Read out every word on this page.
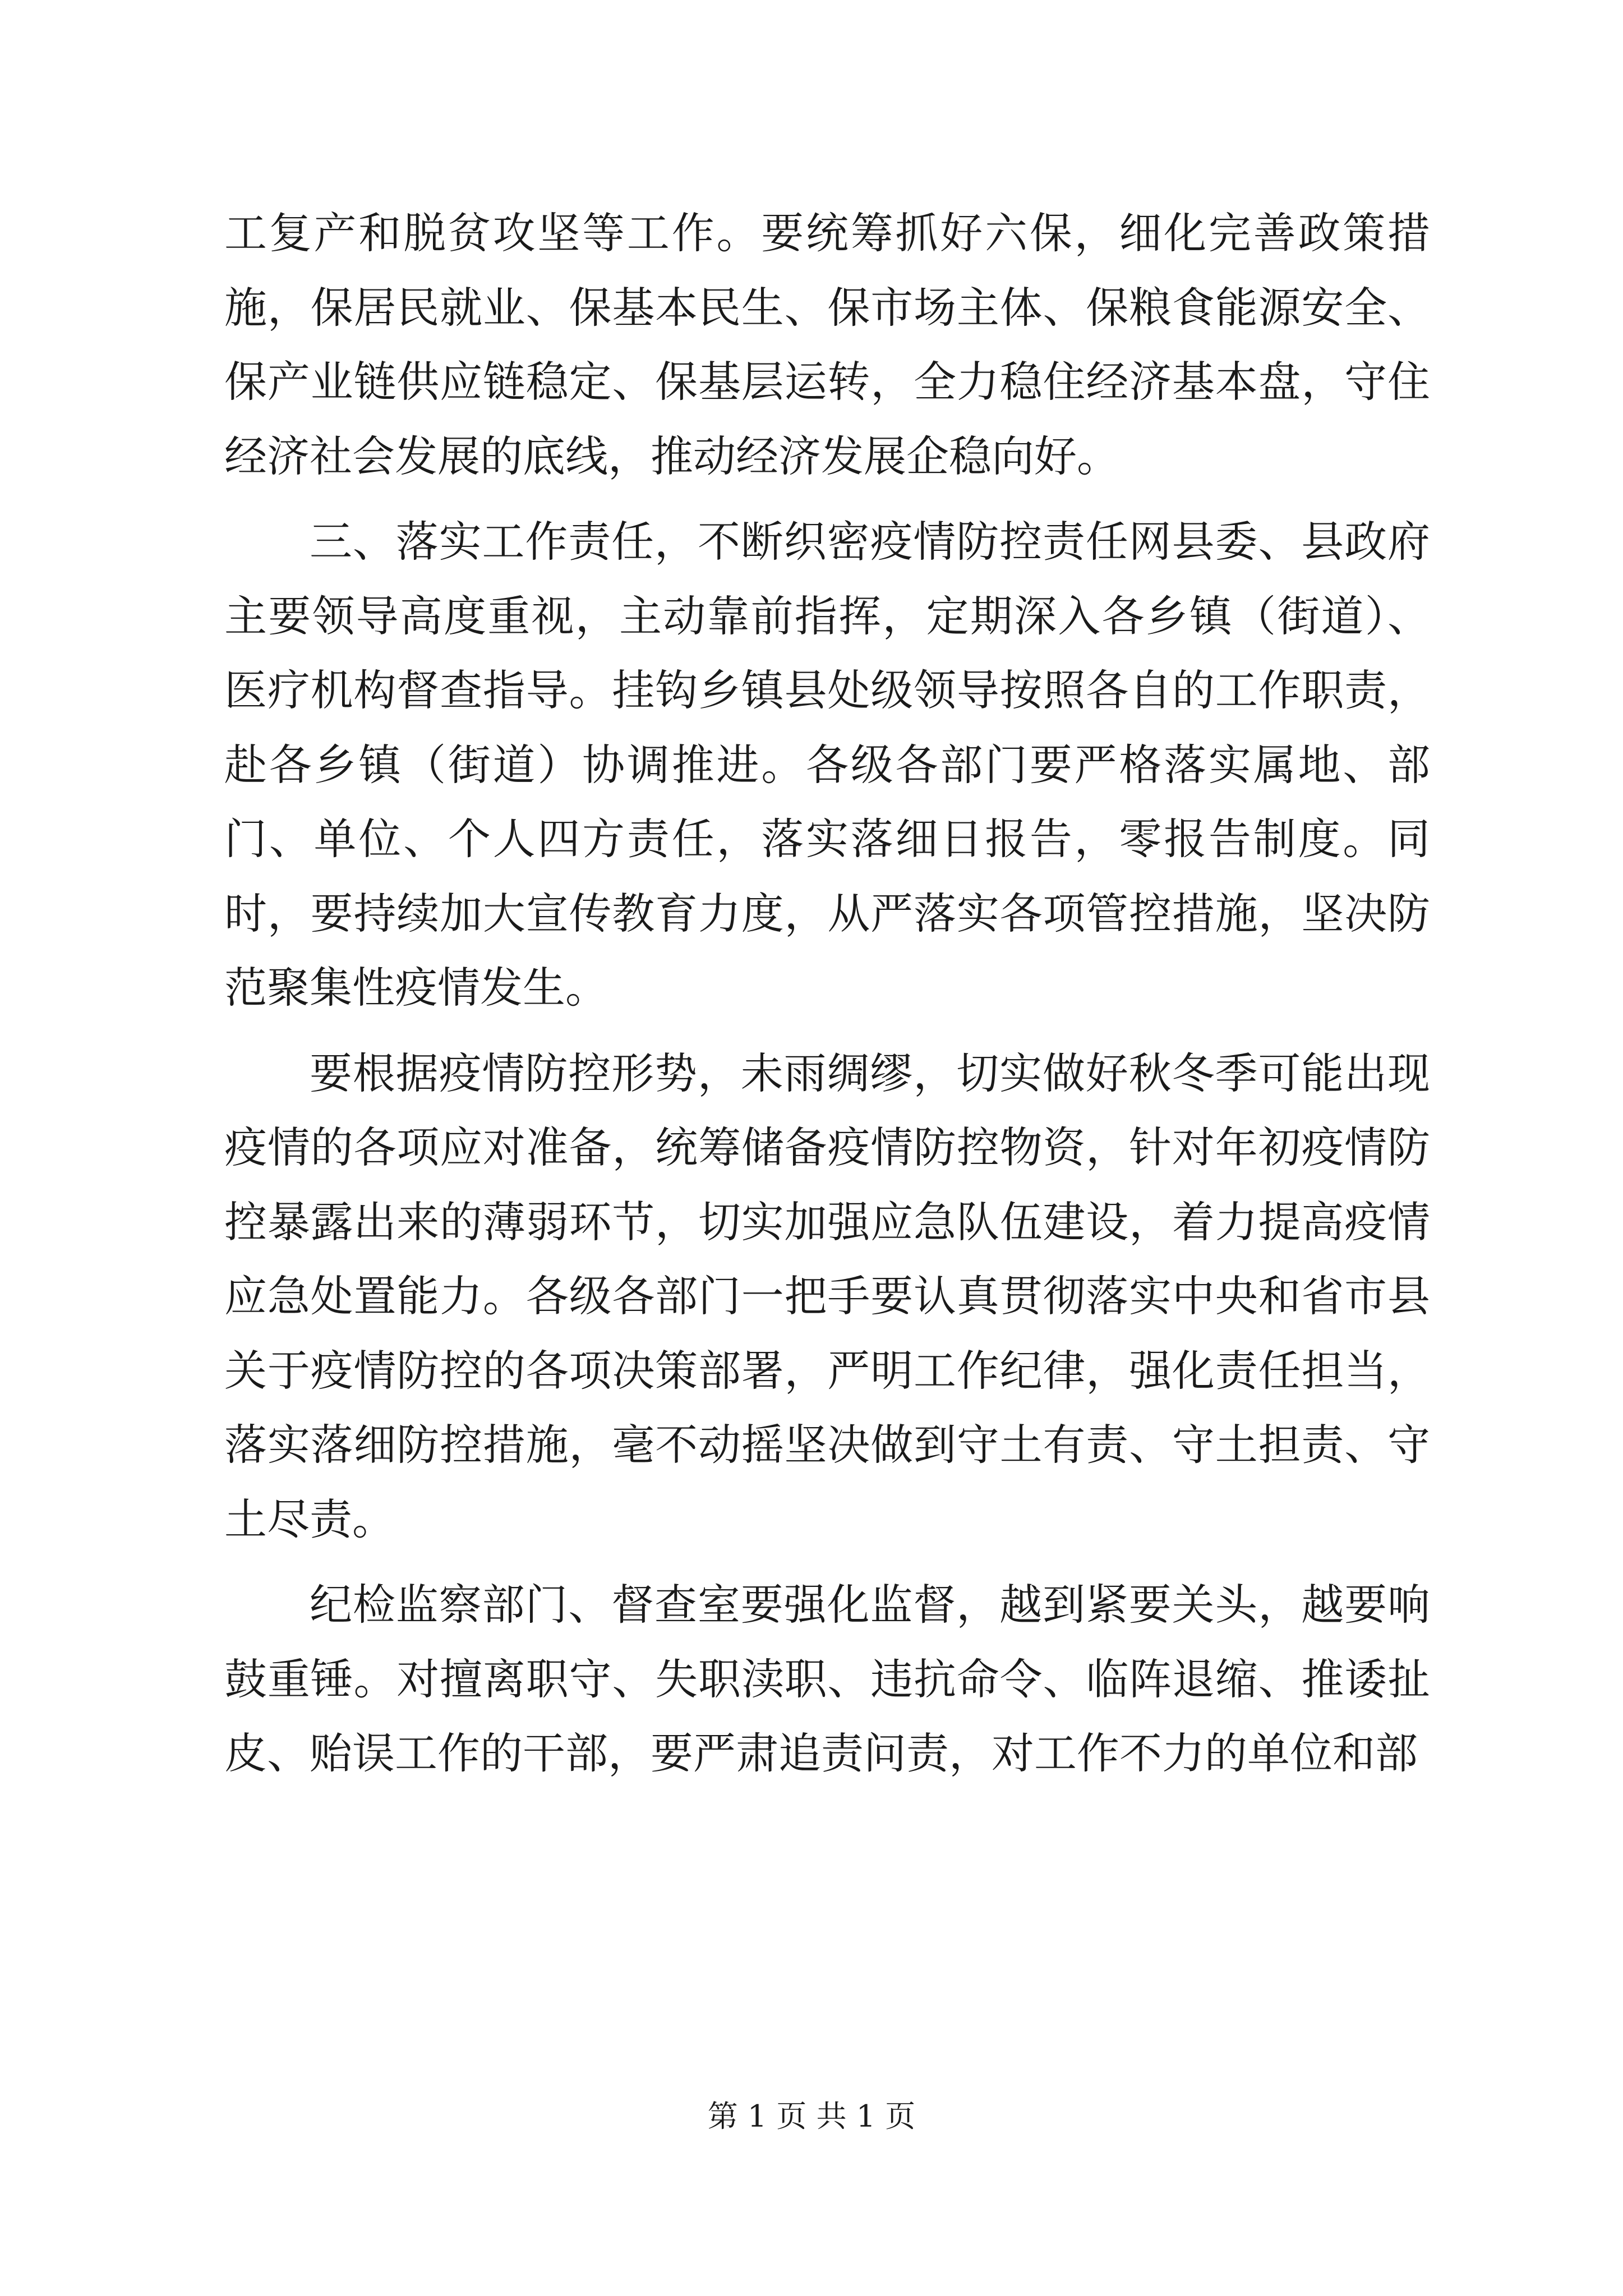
工复产和脱贫攻坚等工作。要统筹抓好六保，细化完善政策措施，保居民就业、保基本民生、保市场主体、保粮食能源安全、保产业链供应链稳定、保基层运转，全力稳住经济基本盘，守住经济社会发展的底线，推动经济发展企稳向好。

三、落实工作责任，不断织密疫情防控责任网县委、县政府主要领导高度重视，主动靠前指挥，定期深入各乡镇（街道）、医疗机构督查指导。挂钩乡镇县处级领导按照各自的工作职责，赴各乡镇（街道）协调推进。各级各部门要严格落实属地、部门、单位、个人四方责任，落实落细日报告，零报告制度。同时，要持续加大宣传教育力度，从严落实各项管控措施，坚决防范聚集性疫情发生。

要根据疫情防控形势，未雨绸缪，切实做好秋冬季可能出现疫情的各项应对准备，统筹储备疫情防控物资，针对年初疫情防控暴露出来的薄弱环节，切实加强应急队伍建设，着力提高疫情应急处置能力。各级各部门一把手要认真贯彻落实中央和省市县关于疫情防控的各项决策部署，严明工作纪律，强化责任担当，落实落细防控措施，毫不动摇坚决做到守土有责、守土担责、守土尽责。

纪检监察部门、督查室要强化监督，越到紧要关头，越要响鼓重锤。对擅离职守、失职渎职、违抗命令、临阵退缩、推诿扯皮、贻误工作的干部，要严肃追责问责，对工作不力的单位和部

第 1 页 共 1 页
